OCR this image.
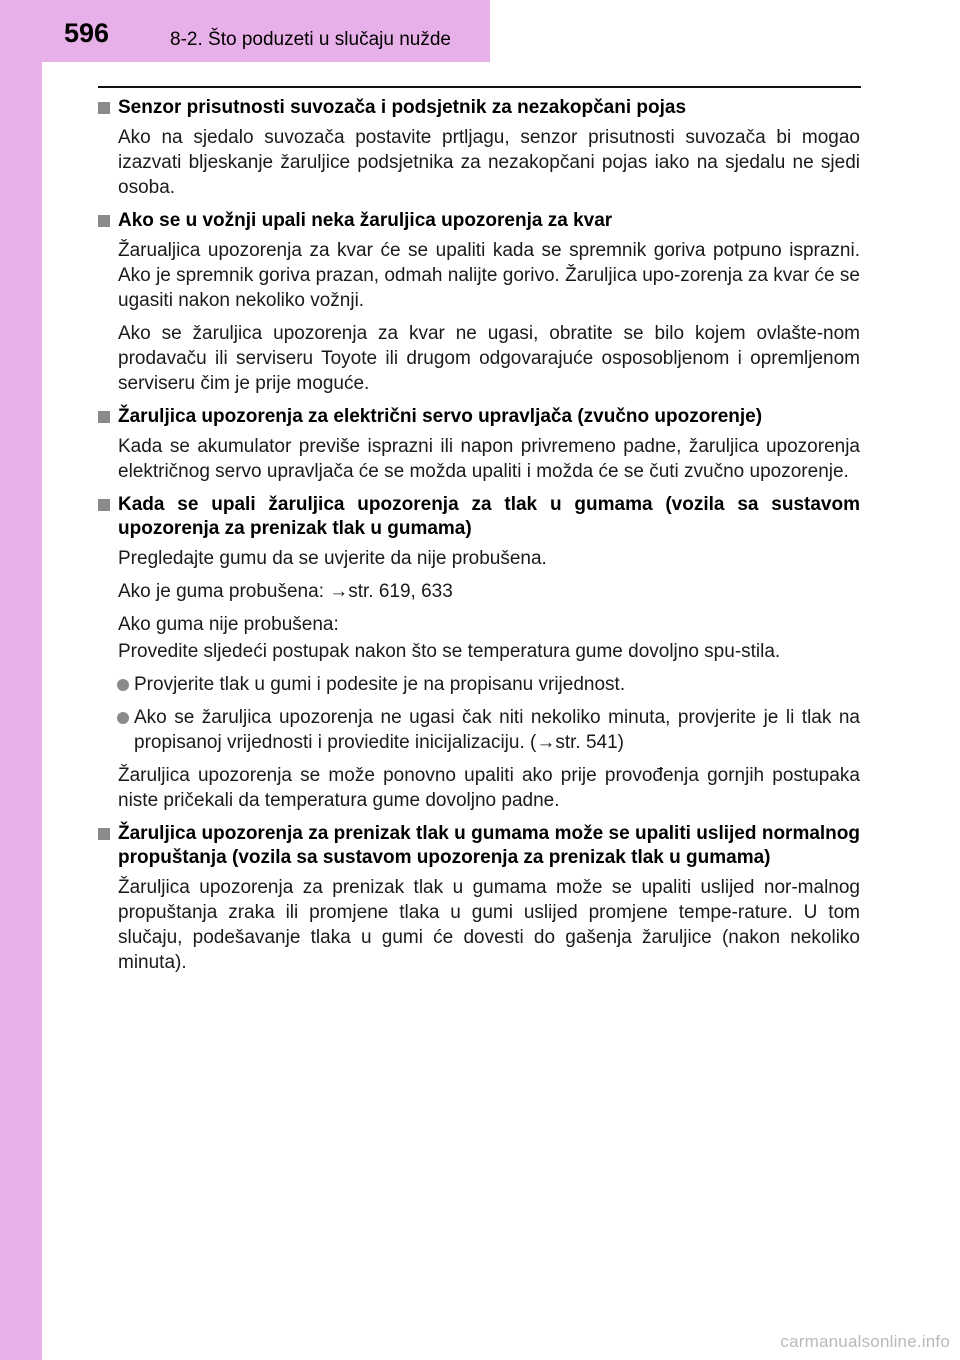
596	8-2. Što poduzeti u slučaju nužde
Senzor prisutnosti suvozača i podsjetnik za nezakopčani pojas

Ako na sjedalo suvozača postavite prtljagu, senzor prisutnosti suvozača bi mogao izazvati bljeskanje žaruljice podsjetnika za nezakopčani pojas iako na sjedalu ne sjedi osoba.

Ako se u vožnji upali neka žaruljica upozorenja za kvar

Žarualjica upozorenja za kvar će se upaliti kada se spremnik goriva potpuno isprazni. Ako je spremnik goriva prazan, odmah nalijte gorivo. Žaruljica upo-zorenja za kvar će se ugasiti nakon nekoliko vožnji.

Ako se žaruljica upozorenja za kvar ne ugasi, obratite se bilo kojem ovlašte-nom prodavaču ili serviseru Toyote ili drugom odgovarajuće osposobljenom i opremljenom serviseru čim je prije moguće.

Žaruljica upozorenja za električni servo upravljača (zvučno upozorenje)

Kada se akumulator previše isprazni ili napon privremeno padne, žaruljica upozorenja električnog servo upravljača će se možda upaliti i možda će se čuti zvučno upozorenje.

Kada se upali žaruljica upozorenja za tlak u gumama (vozila sa sustavom upozorenja za prenizak tlak u gumama)

Pregledajte gumu da se uvjerite da nije probušena.

Ako je guma probušena: →str. 619, 633

Ako guma nije probušena:

Provedite sljedeći postupak nakon što se temperatura gume dovoljno spu-stila.

Provjerite tlak u gumi i podesite je na propisanu vrijednost.
Ako se žaruljica upozorenja ne ugasi čak niti nekoliko minuta, provjerite je li tlak na propisanoj vrijednosti i proviedite inicijalizaciju. (→str. 541)

Žaruljica upozorenja se može ponovno upaliti ako prije provođenja gornjih postupaka niste pričekali da temperatura gume dovoljno padne.

Žaruljica upozorenja za prenizak tlak u gumama može se upaliti uslijed normalnog propuštanja (vozila sa sustavom upozorenja za prenizak tlak u gumama)

Žaruljica upozorenja za prenizak tlak u gumama može se upaliti uslijed nor-malnog propuštanja zraka ili promjene tlaka u gumi uslijed promjene tempe-rature. U tom slučaju, podešavanje tlaka u gumi će dovesti do gašenja žaruljice (nakon nekoliko minuta).

carmanualsonline.info
